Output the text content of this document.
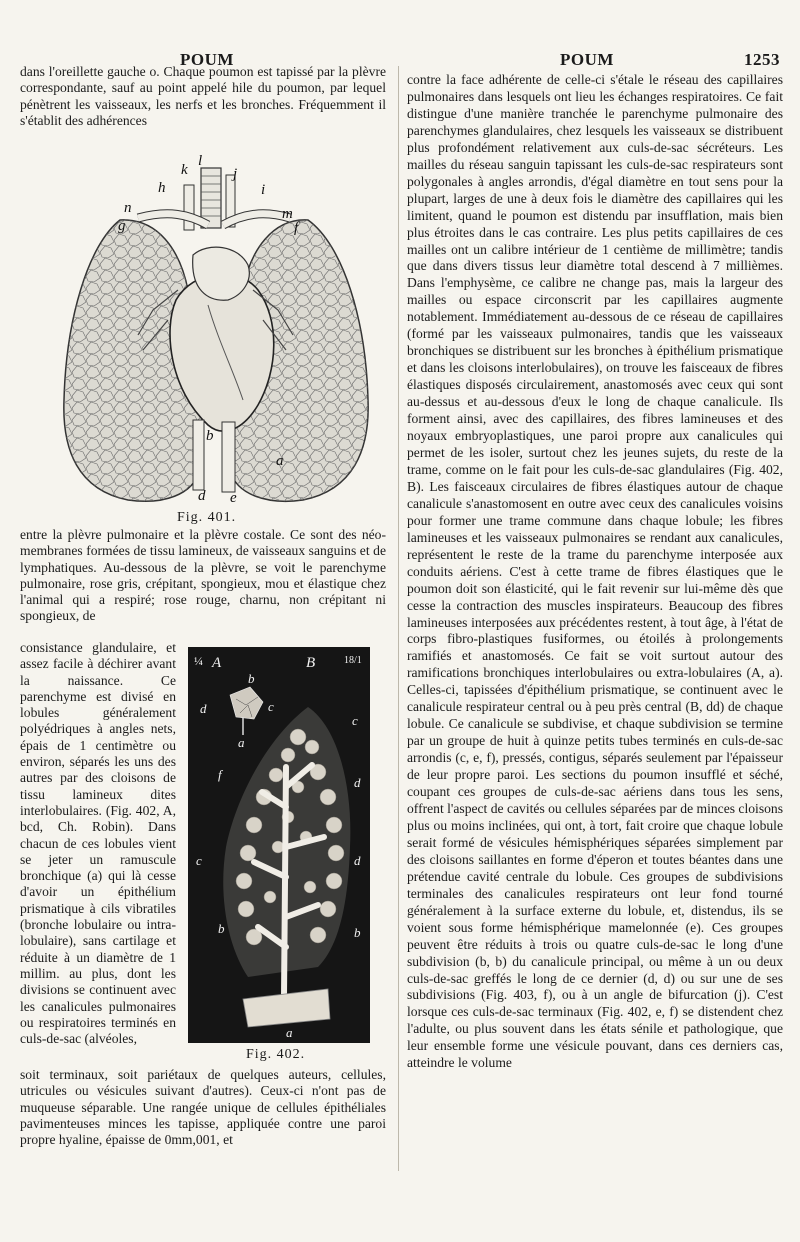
POUM	POUM	1253

dans l'oreillette gauche o. Chaque poumon est tapissé par la plèvre correspondante, sauf au point appelé hile du poumon, par lequel pénètrent les vaisseaux, les nerfs et les bronches. Fréquemment il s'établit des adhérences

k
l
j
h	i
n
g
m
f
b
a
d e
Fig. 401.

entre la plèvre pulmonaire et la plèvre costale. Ce sont des néo-membranes formées de tissu lamineux, de vaisseaux sanguins et de lymphatiques. Au-dessous de la plèvre, se voit le parenchyme pulmonaire, rose gris, crépitant, spongieux, mou et élastique chez l'animal qui a respiré; rose rouge, charnu, non crépitant ni spongieux, de

consistance glandulaire, et assez facile à déchirer avant la naissance. Ce parenchyme est divisé en lobules généralement polyédriques à angles nets, épais de 1 centimètre ou environ, séparés les uns des autres par des cloisons de tissu lamineux dites interlobulaires. (Fig. 402, A, bcd, Ch. Robin). Dans chacun de ces lobules vient se jeter un ramuscule bronchique (a) qui là cesse d'avoir un épithélium prismatique à cils vibratiles (bronche lobulaire ou intra-lobulaire), sans cartilage et réduite à un diamètre de 1 millim. au plus, dont les divisions se continuent avec les canalicules pulmonaires ou respiratoires terminés en culs-de-sac (alvéoles,

¼ A	B	18/1
b
d	c
a
c
f
d
c	d
b	b
a
Fig. 402.

soit terminaux, soit pariétaux de quelques auteurs, cellules, utricules ou vésicules suivant d'autres). Ceux-ci n'ont pas de muqueuse séparable. Une rangée unique de cellules épithéliales pavimenteuses minces les tapisse, appliquée contre une paroi propre hyaline, épaisse de 0mm,001, et

contre la face adhérente de celle-ci s'étale le réseau des capillaires pulmonaires dans lesquels ont lieu les échanges respiratoires. Ce fait distingue d'une manière tranchée le parenchyme pulmonaire des parenchymes glandulaires, chez lesquels les vaisseaux se distribuent plus profondément relativement aux culs-de-sac sécréteurs. Les mailles du réseau sanguin tapissant les culs-de-sac respirateurs sont polygonales à angles arrondis, d'égal diamètre en tout sens pour la plupart, larges de une à deux fois le diamètre des capillaires qui les limitent, quand le poumon est distendu par insufflation, mais bien plus étroites dans le cas contraire. Les plus petits capillaires de ces mailles ont un calibre intérieur de 1 centième de millimètre; tandis que dans divers tissus leur diamètre total descend à 7 millièmes. Dans l'emphysème, ce calibre ne change pas, mais la largeur des mailles ou espace circonscrit par les capillaires augmente notablement. Immédiatement au-dessous de ce réseau de capillaires (formé par les vaisseaux pulmonaires, tandis que les vaisseaux bronchiques se distribuent sur les bronches à épithélium prismatique et dans les cloisons interlobulaires), on trouve les faisceaux de fibres élastiques disposés circulairement, anastomosés avec ceux qui sont au-dessus et au-dessous d'eux le long de chaque canalicule. Ils forment ainsi, avec des capillaires, des fibres lamineuses et des noyaux embryoplastiques, une paroi propre aux canalicules qui permet de les isoler, surtout chez les jeunes sujets, du reste de la trame, comme on le fait pour les culs-de-sac glandulaires (Fig. 402, B). Les faisceaux circulaires de fibres élastiques autour de chaque canalicule s'anastomosent en outre avec ceux des canalicules voisins pour former une trame commune dans chaque lobule; les fibres lamineuses et les vaisseaux pulmonaires se rendant aux canalicules, représentent le reste de la trame du parenchyme interposée aux conduits aériens. C'est à cette trame de fibres élastiques que le poumon doit son élasticité, qui le fait revenir sur lui-même dès que cesse la contraction des muscles inspirateurs. Beaucoup des fibres lamineuses interposées aux précédentes restent, à tout âge, à l'état de corps fibro-plastiques fusiformes, ou étoilés à prolongements ramifiés et anastomosés. Ce fait se voit surtout autour des ramifications bronchiques interlobulaires ou extra-lobulaires (A, a). Celles-ci, tapissées d'épithélium prismatique, se continuent avec le canalicule respirateur central ou à peu près central (B, dd) de chaque lobule. Ce canalicule se subdivise, et chaque subdivision se termine par un groupe de huit à quinze petits tubes terminés en culs-de-sac arrondis (c, e, f), pressés, contigus, séparés seulement par l'épaisseur de leur propre paroi. Les sections du poumon insufflé et séché, coupant ces groupes de culs-de-sac aériens dans tous les sens, offrent l'aspect de cavités ou cellules séparées par de minces cloisons plus ou moins inclinées, qui ont, à tort, fait croire que chaque lobule serait formé de vésicules hémisphériques séparées simplement par des cloisons saillantes en forme d'éperon et toutes béantes dans une prétendue cavité centrale du lobule. Ces groupes de subdivisions terminales des canalicules respirateurs ont leur fond tourné généralement à la surface externe du lobule, et, distendus, ils se voient sous forme hémisphérique mamelonnée (e). Ces groupes peuvent être réduits à trois ou quatre culs-de-sac le long d'une subdivision (b, b) du canalicule principal, ou même à un ou deux culs-de-sac greffés le long de ce dernier (d, d) ou sur une de ses subdivisions (Fig. 403, f), ou à un angle de bifurcation (j). C'est lorsque ces culs-de-sac terminaux (Fig. 402, e, f) se distendent chez l'adulte, ou plus souvent dans les états sénile et pathologique, que leur ensemble forme une vésicule pouvant, dans ces derniers cas, atteindre le volume
